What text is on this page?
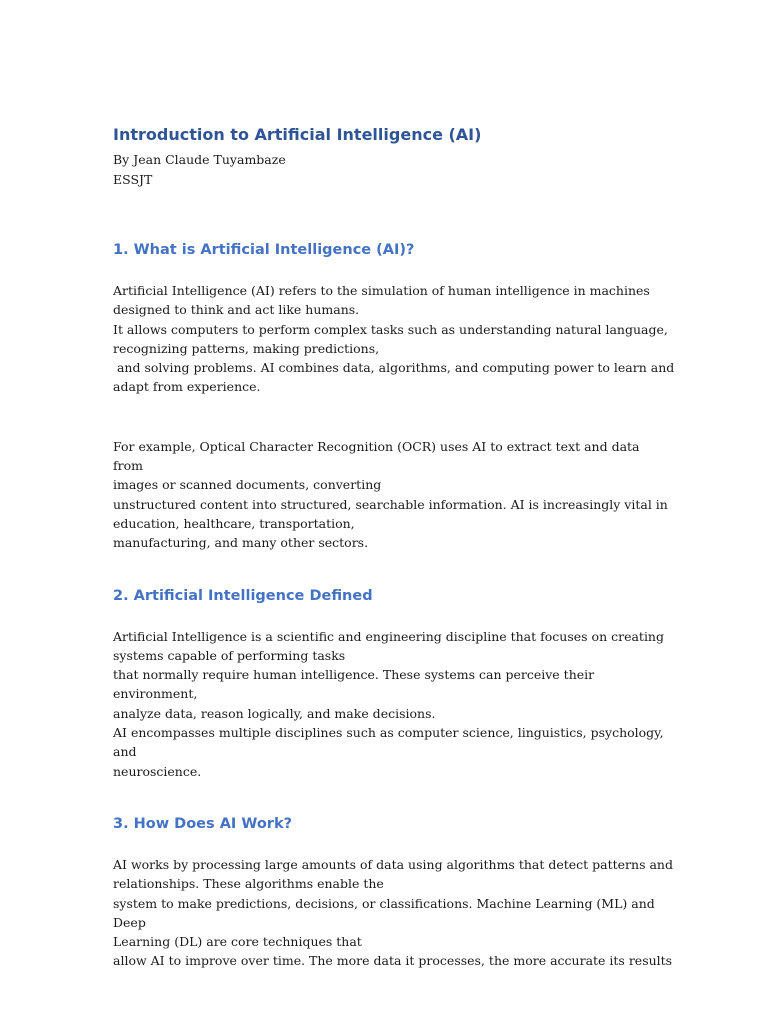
Introduction to Artificial Intelligence (AI)

By Jean Claude Tuyambaze

ESSJT

1. What is Artificial Intelligence (AI)?

Artificial Intelligence (AI) refers to the simulation of human intelligence in machines

designed to think and act like humans.

It allows computers to perform complex tasks such as understanding natural language,

recognizing patterns, making predictions,

and solving problems. AI combines data, algorithms, and computing power to learn and

adapt from experience.

For example, Optical Character Recognition (OCR) uses AI to extract text and data from

images or scanned documents, converting

unstructured content into structured, searchable information. AI is increasingly vital in

education, healthcare, transportation,

manufacturing, and many other sectors.

2. Artificial Intelligence Defined

Artificial Intelligence is a scientific and engineering discipline that focuses on creating

systems capable of performing tasks

that normally require human intelligence. These systems can perceive their environment,

analyze data, reason logically, and make decisions.

AI encompasses multiple disciplines such as computer science, linguistics, psychology, and

neuroscience.

3. How Does AI Work?

AI works by processing large amounts of data using algorithms that detect patterns and

relationships. These algorithms enable the

system to make predictions, decisions, or classifications. Machine Learning (ML) and Deep

Learning (DL) are core techniques that

allow AI to improve over time. The more data it processes, the more accurate its results
